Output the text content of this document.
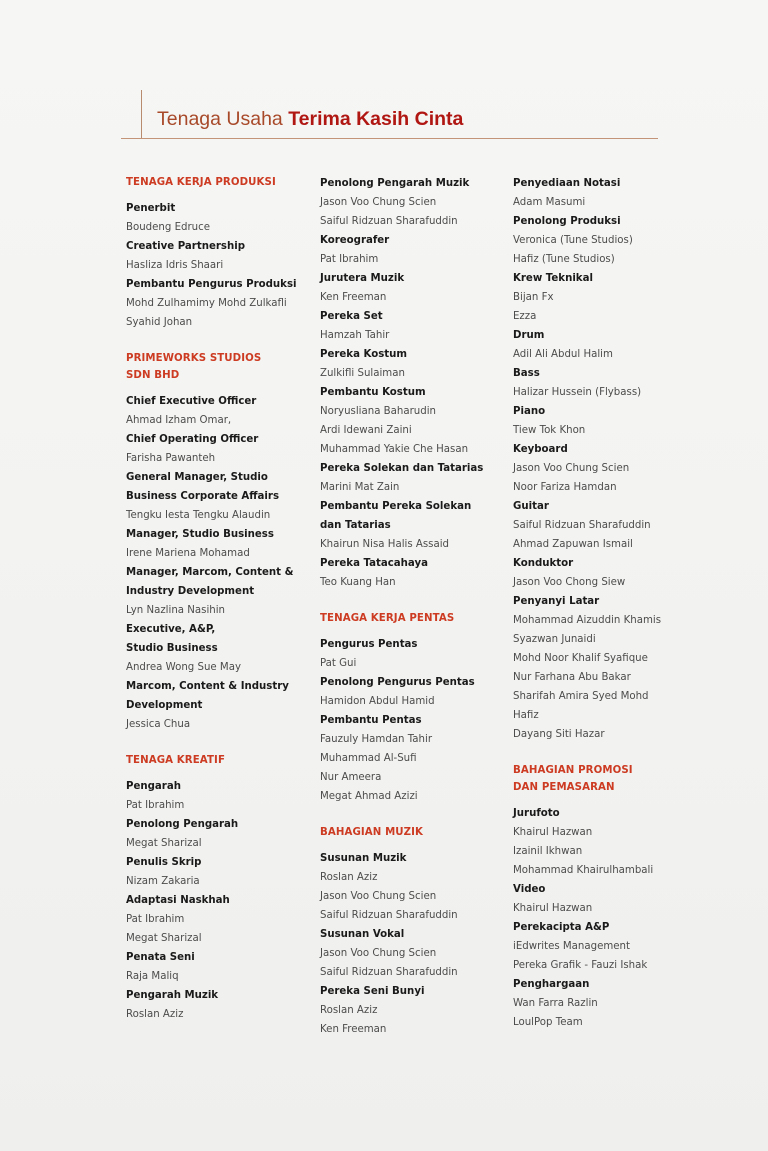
Tenaga Usaha Terima Kasih Cinta
TENAGA KERJA PRODUKSI
Penerbit
Boudeng Edruce
Creative Partnership
Hasliza Idris Shaari
Pembantu Pengurus Produksi
Mohd Zulhamimy Mohd Zulkafli
Syahid Johan
PRIMEWORKS STUDIOS
SDN BHD
Chief Executive Officer
Ahmad Izham Omar,
Chief Operating Officer
Farisha Pawanteh
General Manager, Studio
Business Corporate Affairs
Tengku Iesta Tengku Alaudin
Manager, Studio Business
Irene Mariena Mohamad
Manager, Marcom, Content &
Industry Development
Lyn Nazlina Nasihin
Executive, A&P,
Studio Business
Andrea Wong Sue May
Marcom, Content & Industry
Development
Jessica Chua
TENAGA KREATIF
Pengarah
Pat Ibrahim
Penolong Pengarah
Megat Sharizal
Penulis Skrip
Nizam Zakaria
Adaptasi Naskhah
Pat Ibrahim
Megat Sharizal
Penata Seni
Raja Maliq
Pengarah Muzik
Roslan Aziz
Penolong Pengarah Muzik
Jason Voo Chung Scien
Saiful Ridzuan Sharafuddin
Koreografer
Pat Ibrahim
Jurutera Muzik
Ken Freeman
Pereka Set
Hamzah Tahir
Pereka Kostum
Zulkifli Sulaiman
Pembantu Kostum
Noryusliana Baharudin
Ardi Idewani Zaini
Muhammad Yakie Che Hasan
Pereka Solekan dan Tatarias
Marini Mat Zain
Pembantu Pereka Solekan
dan Tatarias
Khairun Nisa Halis Assaid
Pereka Tatacahaya
Teo Kuang Han
TENAGA KERJA PENTAS
Pengurus Pentas
Pat Gui
Penolong Pengurus Pentas
Hamidon Abdul Hamid
Pembantu Pentas
Fauzuly Hamdan Tahir
Muhammad Al-Sufi
Nur Ameera
Megat Ahmad Azizi
BAHAGIAN MUZIK
Susunan Muzik
Roslan Aziz
Jason Voo Chung Scien
Saiful Ridzuan Sharafuddin
Susunan Vokal
Jason Voo Chung Scien
Saiful Ridzuan Sharafuddin
Pereka Seni Bunyi
Roslan Aziz
Ken Freeman
Penyediaan Notasi
Adam Masumi
Penolong Produksi
Veronica (Tune Studios)
Hafiz (Tune Studios)
Krew Teknikal
Bijan Fx
Ezza
Drum
Adil Ali Abdul Halim
Bass
Halizar Hussein (Flybass)
Piano
Tiew Tok Khon
Keyboard
Jason Voo Chung Scien
Noor Fariza Hamdan
Guitar
Saiful Ridzuan Sharafuddin
Ahmad Zapuwan Ismail
Konduktor
Jason Voo Chong Siew
Penyanyi Latar
Mohammad Aizuddin Khamis
Syazwan Junaidi
Mohd Noor Khalif Syafique
Nur Farhana Abu Bakar
Sharifah Amira Syed Mohd
Hafiz
Dayang Siti Hazar
BAHAGIAN PROMOSI
DAN PEMASARAN
Jurufoto
Khairul Hazwan
Izainil Ikhwan
Mohammad Khairulhambali
Video
Khairul Hazwan
Perekacipta A&P
iEdwrites Management
Pereka Grafik - Fauzi Ishak
Penghargaan
Wan Farra Razlin
LoulPop Team
